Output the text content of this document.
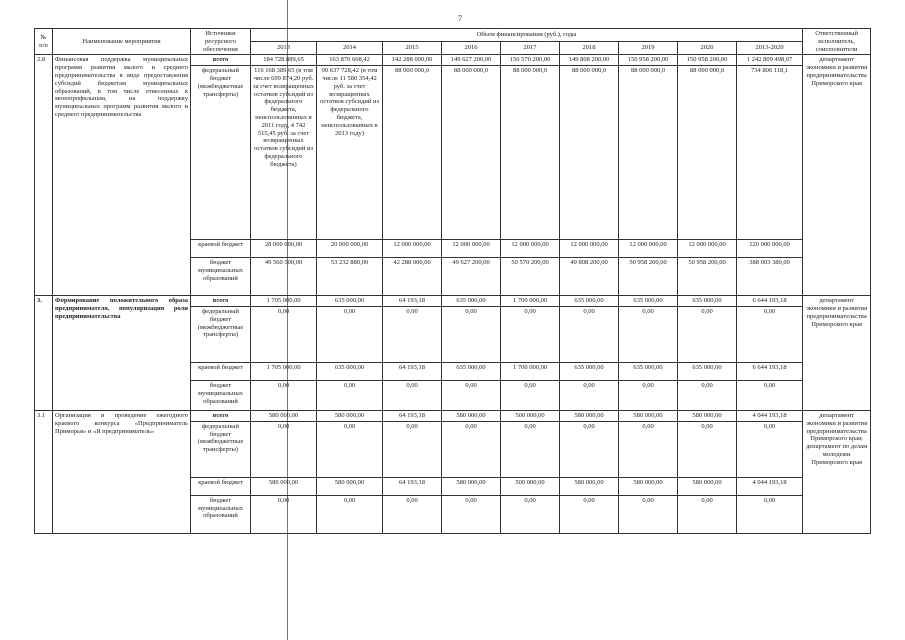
7
№ п/п	Наименование мероприятия	Источники ресурсного обеспечения	Объем финансирования (руб.), годы									Ответственный исполнитель, соисполнители
			2013	2014	2015	2016	2017	2018	2019	2020	2013-2020	
2.8	Финансовая поддержка муниципальных программ развития малого и среднего предпринимательства в виде предоставления субсидий бюджетам муниципальных образований, в том числе отнесенных к монопрофильным, на поддержку муниципальных программ развития малого и среднего предпринимательства	всего	184 728 889,65	163 870 608,42	142 288 000,00	149 627 200,00	150 570 200,00	149 808 200,00	150 958 200,00	150 958 200,00	1 242 809 498,07	департамент экономики и развития предпринимательства Приморского края
		федеральный бюджет (межбюджетные трансферты)	116 168 389,65 (в том числе 699 874,20 руб. за счет возвращенных остатков субсидий из федерального бюджета, неиспользованных в 2011 году, 4 742 515,45 руб. за счет возвращенных остатков субсидий из федерального бюджета)	90 637 728,42 (в том числе 11 580 354,42 руб. за счет возвращенных остатков субсидий из федерального бюджета, неиспользованных в 2013 году)	88 000 000,0	88 000 000,0	88 000 000,0	88 000 000,0	88 000 000,0	88 000 000,0	734 806 118,1	
		краевой бюджет	28 000 000,00	20 000 000,00	12 000 000,00	12 000 000,00	12 000 000,00	12 000 000,00	12 000 000,00	12 000 000,00	120 000 000,00	
		бюджет муниципальных образований	49 560 500,00	53 232 880,00	42 288 000,00	49 627 200,00	50 570 200,00	49 808 200,00	50 958 200,00	50 958 200,00	388 003 380,00	
3.	Формирование положительного образа предпринимателя, популяризация роли предпринимательства	всего	1 705 000,00	635 000,00	64 193,18	635 000,00	1 700 000,00	635 000,00	635 000,00	635 000,00	6 644 193,18	департамент экономики и развития предпринимательства Приморского края
		федеральный бюджет (межбюджетные трансферты)	0,00	0,00	0,00	0,00	0,00	0,00	0,00	0,00	0,00	
		краевой бюджет	1 705 000,00	635 000,00	64 193,18	635 000,00	1 700 000,00	635 000,00	635 000,00	635 000,00	6 644 193,18	
		бюджет муниципальных образований	0,00	0,00	0,00	0,00	0,00	0,00	0,00	0,00	0,00	
3.1	Организация и проведение ежегодного краевого конкурса «Предприниматель Приморья» и «Я предприниматель»	всего	580 000,00	580 000,00	64 193,18	580 000,00	500 000,00	580 000,00	580 000,00	580 000,00	4 044 193,18	департамент экономики и развития предпринимательства Приморского края; департамент по делам молодежи Приморского края
		федеральный бюджет (межбюджетные трансферты)	0,00	0,00	0,00	0,00	0,00	0,00	0,00	0,00	0,00	
		краевой бюджет	580 000,00	580 000,00	64 193,18	580 000,00	500 000,00	580 000,00	580 000,00	580 000,00	4 044 193,18	
		бюджет муниципальных образований	0,00	0,00	0,00	0,00	0,00	0,00	0,00	0,00	0,00	
